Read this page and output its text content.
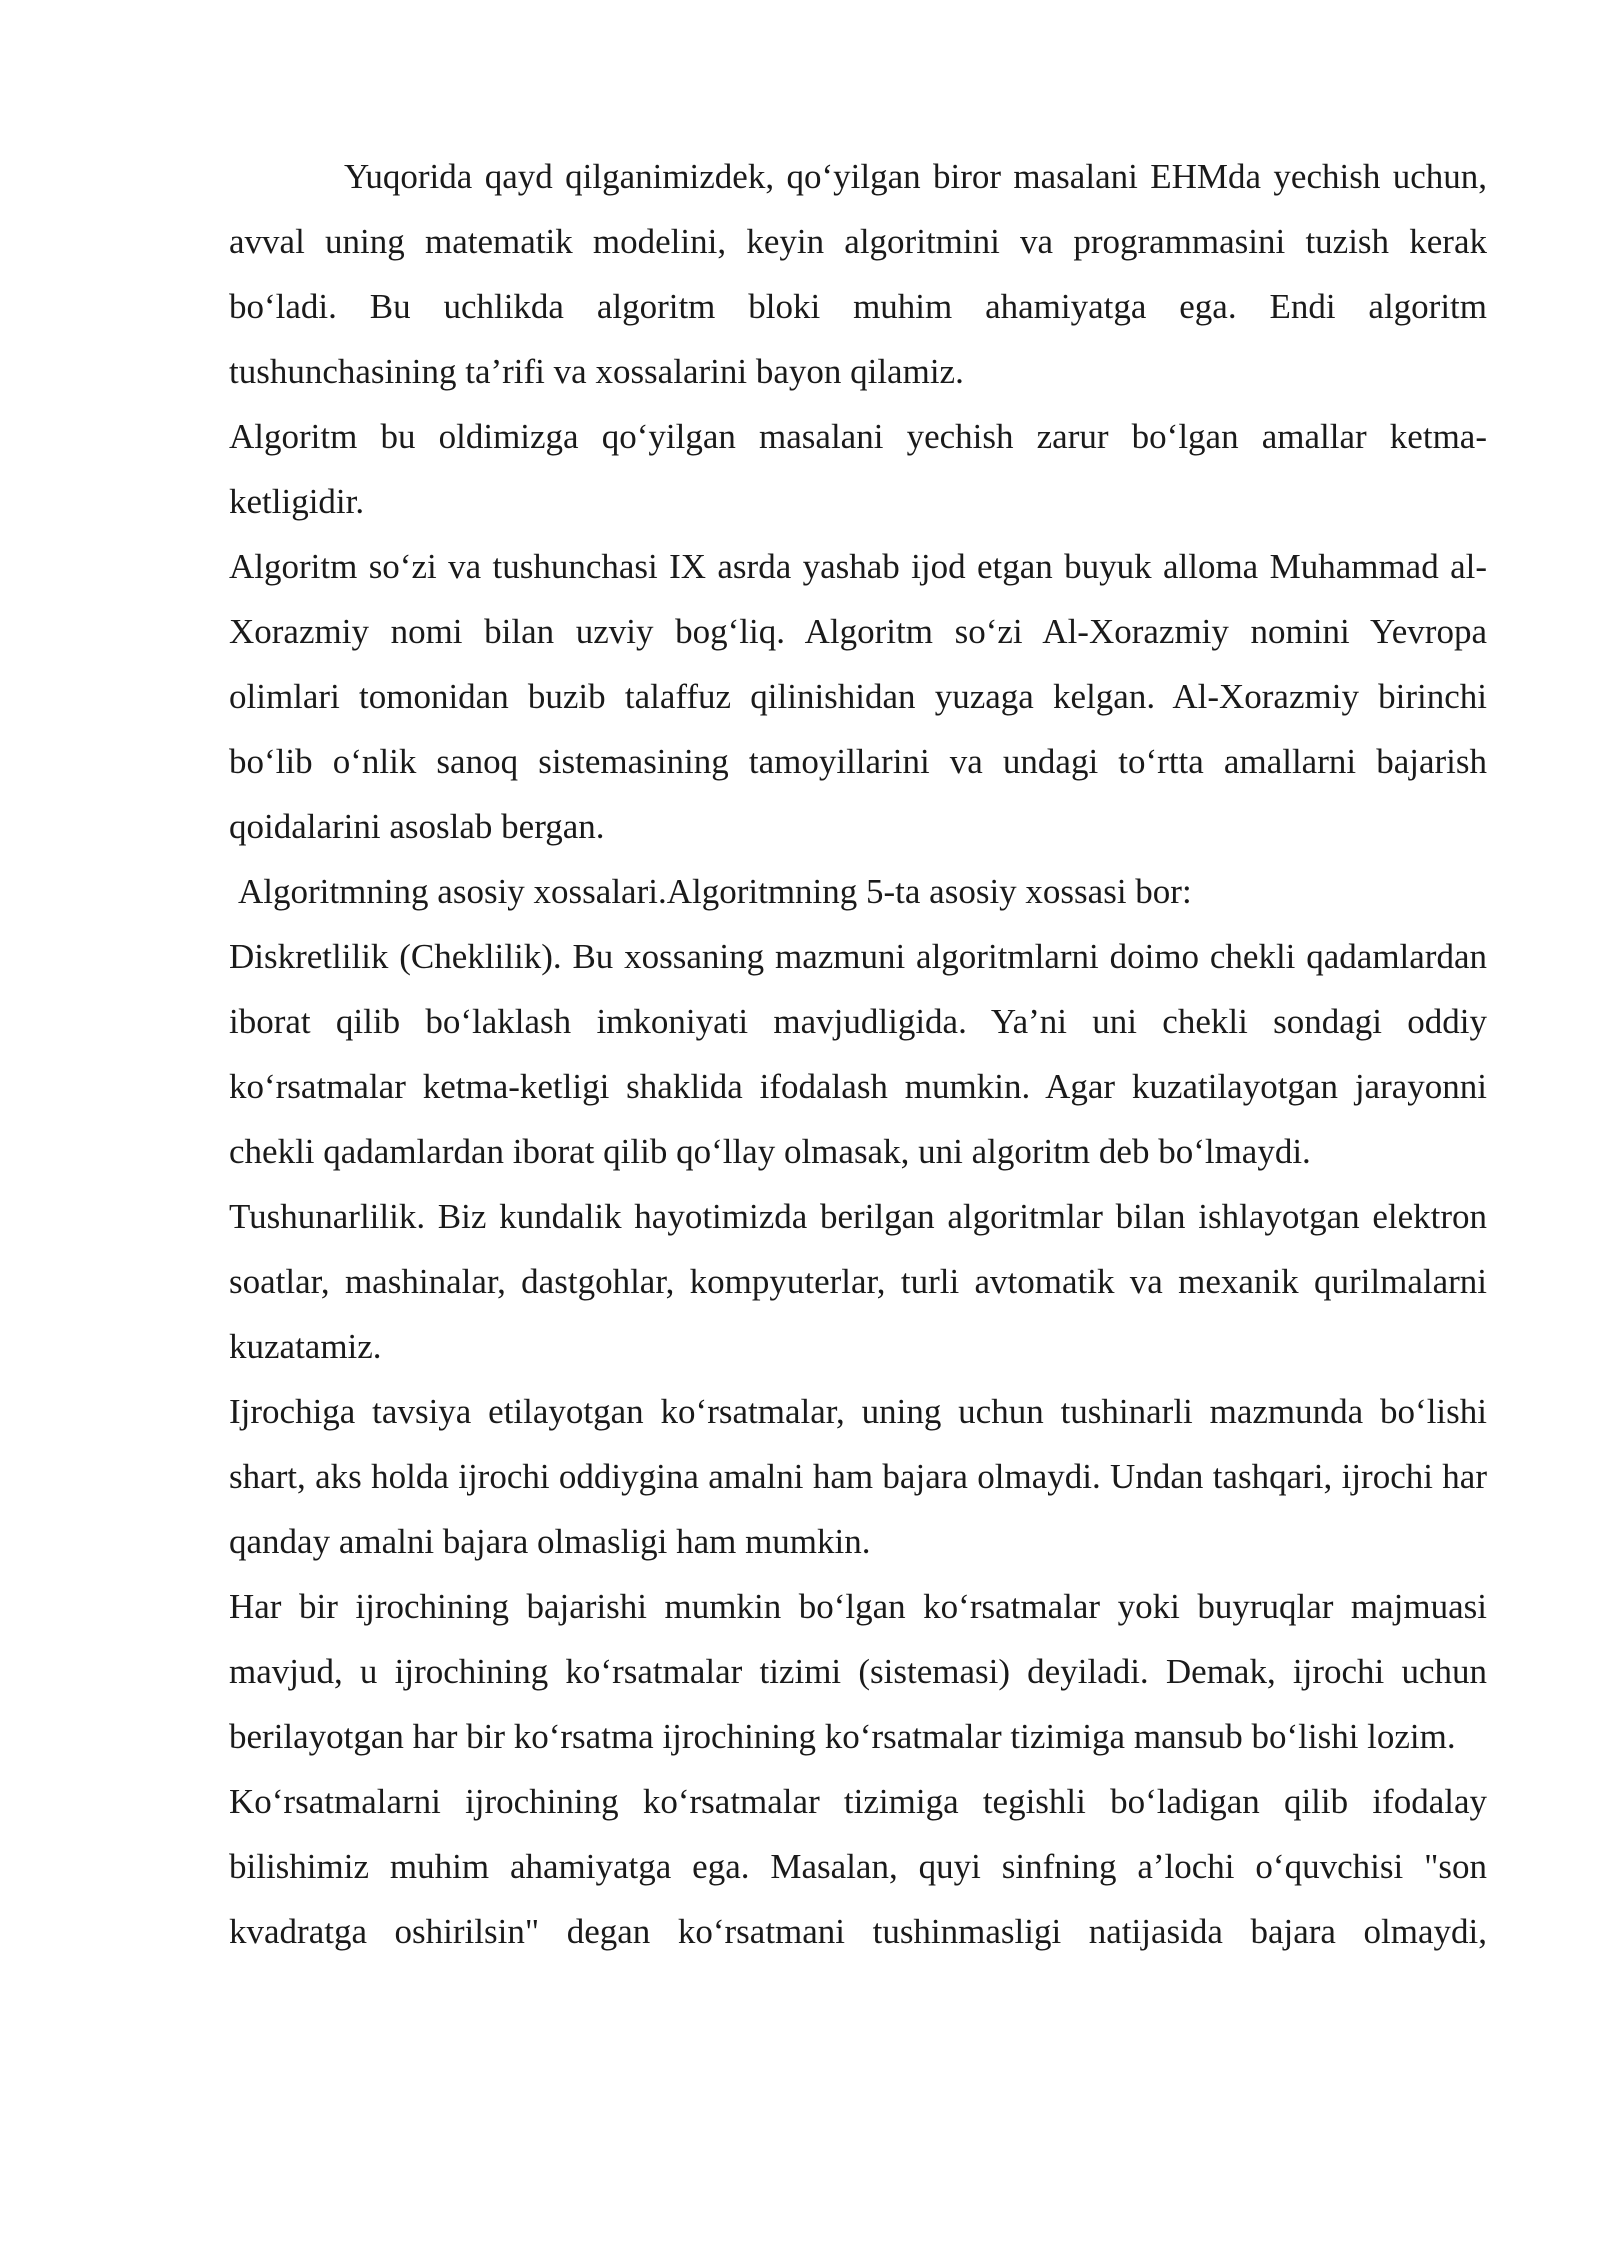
Yuqorida qayd qilganimizdek, qo‘yilgan biror masalani EHMda yechish uchun, avval uning matematik modelini, keyin algoritmini va programmasini tuzish kerak bo‘ladi. Bu uchlikda algoritm bloki muhim ahamiyatga ega. Endi algoritm tushunchasining ta’rifi va xossalarini bayon qilamiz.

Algoritm bu oldimizga qo‘yilgan masalani yechish zarur bo‘lgan amallar ketma-ketligidir.

Algoritm so‘zi va tushunchasi IX asrda yashab ijod etgan buyuk alloma Muhammad al-Xorazmiy nomi bilan uzviy bog‘liq. Algoritm so‘zi Al-Xorazmiy nomini Yevropa olimlari tomonidan buzib talaffuz qilinishidan yuzaga kelgan. Al-Xorazmiy birinchi bo‘lib o‘nlik sanoq sistemasining tamoyillarini va undagi to‘rtta amallarni bajarish qoidalarini asoslab bergan.

Algoritmning asosiy xossalari.Algoritmning 5-ta asosiy xossasi bor:

Diskretlilik (Cheklilik). Bu xossaning mazmuni algoritmlarni doimo chekli qadamlardan iborat qilib bo‘laklash imkoniyati mavjudligida. Ya’ni uni chekli sondagi oddiy ko‘rsatmalar ketma-ketligi shaklida ifodalash mumkin. Agar kuzatilayotgan jarayonni chekli qadamlardan iborat qilib qo‘llay olmasak, uni algoritm deb bo‘lmaydi.

Tushunarlilik. Biz kundalik hayotimizda berilgan algoritmlar bilan ishlayotgan elektron soatlar, mashinalar, dastgohlar, kompyuterlar, turli avtomatik va mexanik qurilmalarni kuzatamiz.

Ijrochiga tavsiya etilayotgan ko‘rsatmalar, uning uchun tushinarli mazmunda bo‘lishi shart, aks holda ijrochi oddiygina amalni ham bajara olmaydi. Undan tashqari, ijrochi har qanday amalni bajara olmasligi ham mumkin.

Har bir ijrochining bajarishi mumkin bo‘lgan ko‘rsatmalar yoki buyruqlar majmuasi mavjud, u ijrochining ko‘rsatmalar tizimi (sistemasi) deyiladi. Demak, ijrochi uchun berilayotgan har bir ko‘rsatma ijrochining ko‘rsatmalar tizimiga mansub bo‘lishi lozim.

Ko‘rsatmalarni ijrochining ko‘rsatmalar tizimiga tegishli bo‘ladigan qilib ifodalay bilishimiz muhim ahamiyatga ega. Masalan, quyi sinfning a’lochi o‘quvchisi "son kvadratga oshirilsin" degan ko‘rsatmani tushinmasligi natijasida bajara olmaydi,
